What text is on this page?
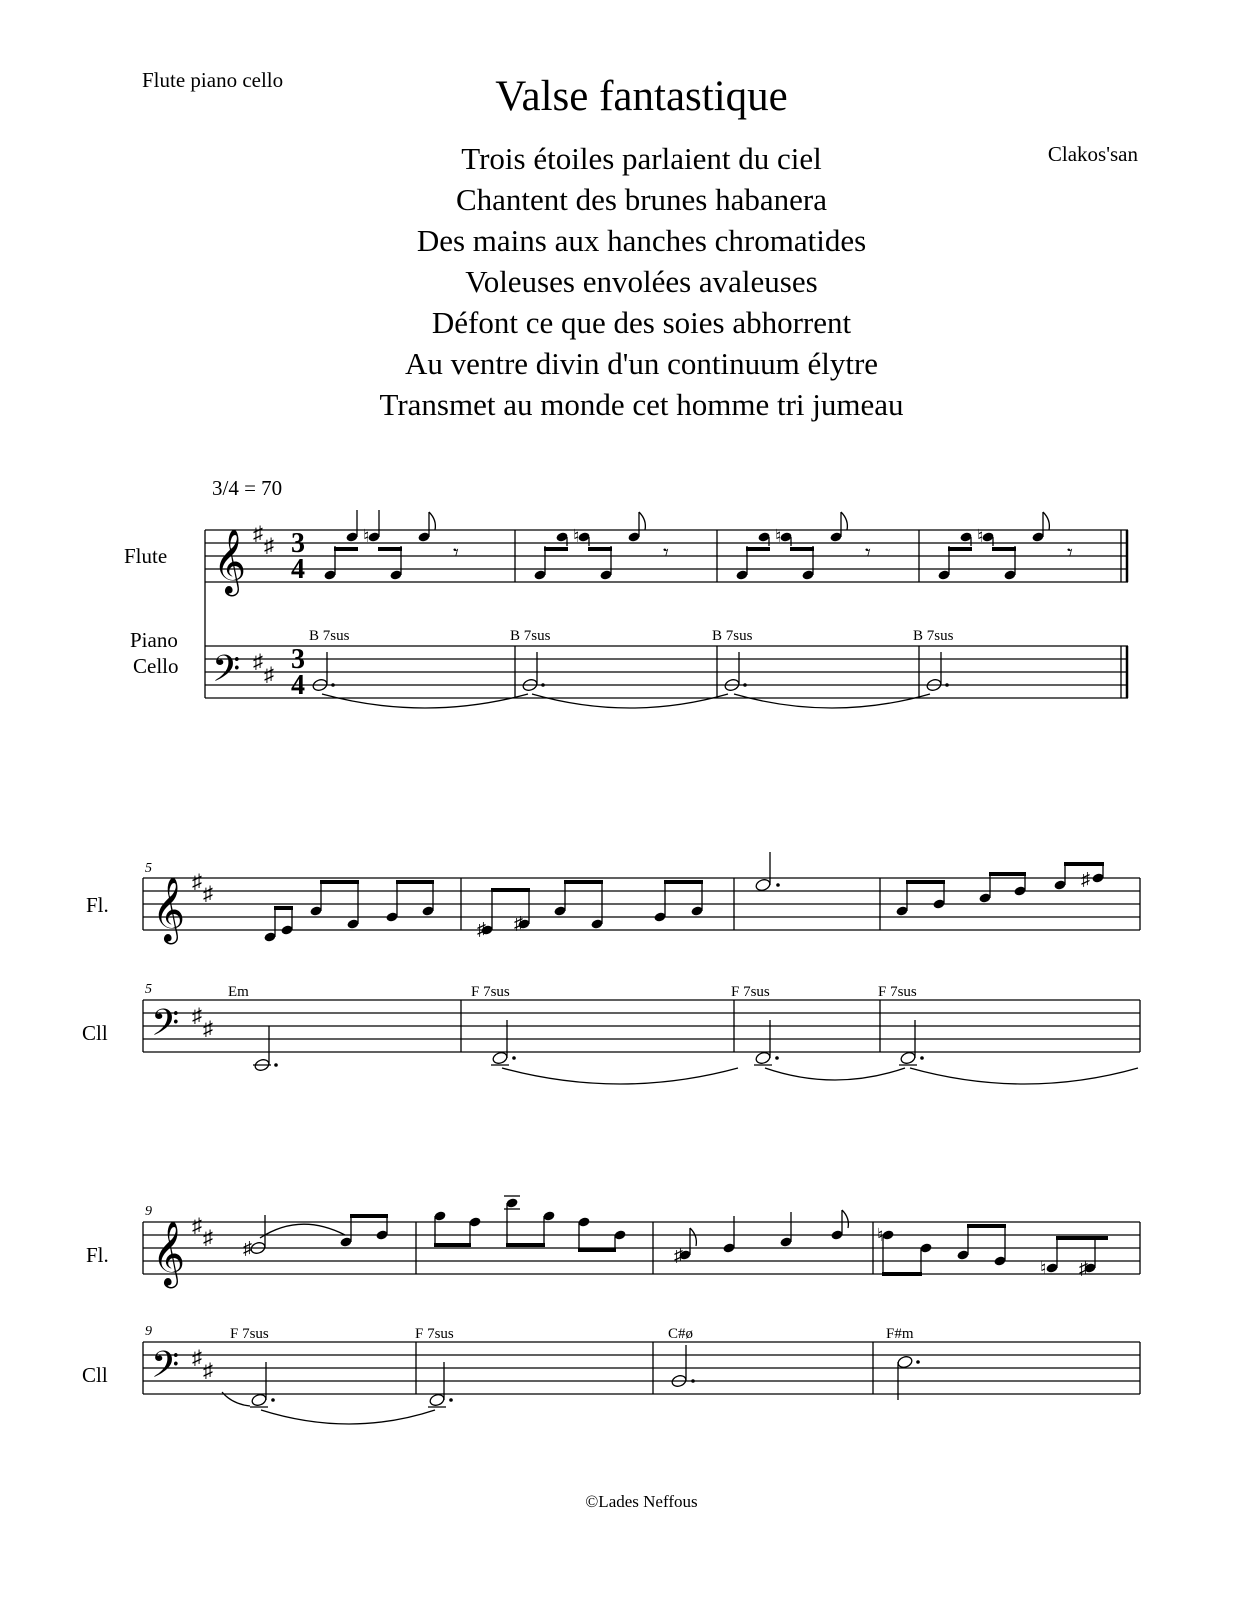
Flute piano cello	Valse fantastique
Clakos'san
Trois étoiles parlaient du ciel
Chantent des brunes habanera
Des mains aux hanches chromatides
Voleuses envolées avaleuses
Défont ce que des soies abhorrent
Au ventre divin d'un continuum élytre
Transmet au monde cet homme tri jumeau
3/4 = 70
©Lades Neffous
𝄞
𝄢
𝄞
𝄢
𝄞
𝄢
♯
♯
♯
♯
♯
♯
♯
♯
♯
♯
♯
♯
3
4
3
4
♮	♮	♮	♮
♯ ♯
♯
♯	♯
♮
♮ ♯
𝄾	𝄾	𝄾	𝄾
Flute
Piano
Cello
Fl.
Cll
Fl.
Cll
5
5
9
9
B 7sus	B 7sus	B 7sus	B 7sus
Em	F 7sus	F 7sus	F 7sus
F 7sus	F 7sus	C#ø	F#m
